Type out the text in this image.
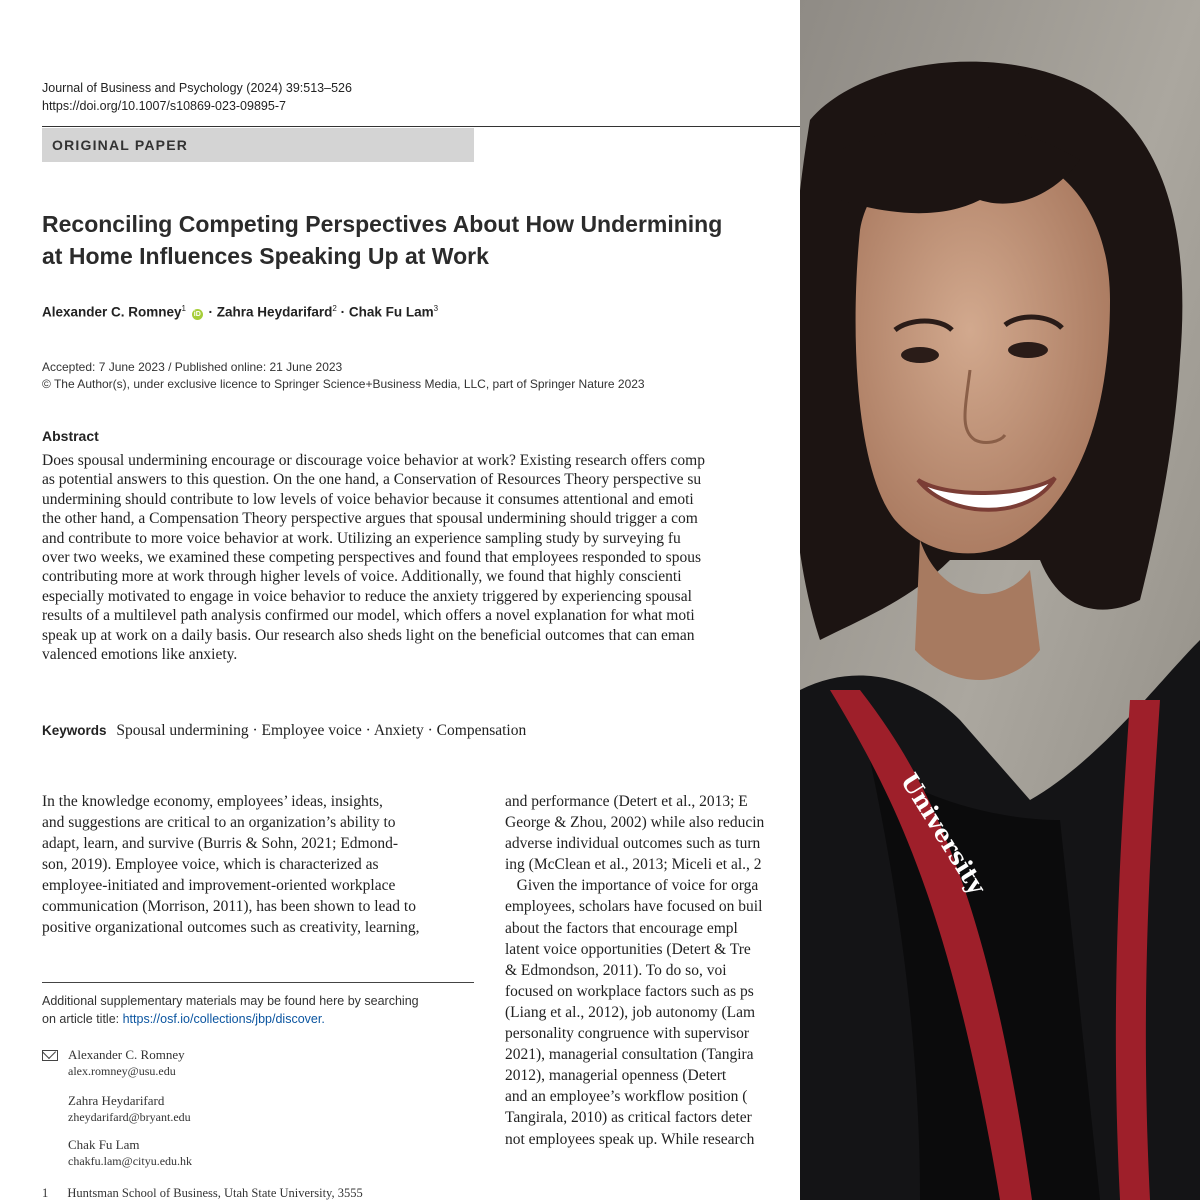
Journal of Business and Psychology (2024) 39:513–526
https://doi.org/10.1007/s10869-023-09895-7
ORIGINAL PAPER
Reconciling Competing Perspectives About How Undermining
at Home Influences Speaking Up at Work
Alexander C. Romney$^1$ iD · Zahra Heydarifard$^2$ · Chak Fu Lam$^3$
Accepted: 7 June 2023 / Published online: 21 June 2023
© The Author(s), under exclusive licence to Springer Science+Business Media, LLC, part of Springer Nature 2023
Abstract
Does spousal undermining encourage or discourage voice behavior at work? Existing research offers comp
as potential answers to this question. On the one hand, a Conservation of Resources Theory perspective su
undermining should contribute to low levels of voice behavior because it consumes attentional and emoti
the other hand, a Compensation Theory perspective argues that spousal undermining should trigger a com
and contribute to more voice behavior at work. Utilizing an experience sampling study by surveying fu
over two weeks, we examined these competing perspectives and found that employees responded to spous
contributing more at work through higher levels of voice. Additionally, we found that highly conscienti
especially motivated to engage in voice behavior to reduce the anxiety triggered by experiencing spousal
results of a multilevel path analysis confirmed our model, which offers a novel explanation for what moti
speak up at work on a daily basis. Our research also sheds light on the beneficial outcomes that can eman
valenced emotions like anxiety.
Keywords Spousal undermining · Employee voice · Anxiety · Compensation
In the knowledge economy, employees’ ideas, insights,
and suggestions are critical to an organization’s ability to
adapt, learn, and survive (Burris & Sohn, 2021; Edmond-
son, 2019). Employee voice, which is characterized as
employee-initiated and improvement-oriented workplace
communication (Morrison, 2011), has been shown to lead to
positive organizational outcomes such as creativity, learning,
and performance (Detert et al., 2013; E
George & Zhou, 2002) while also reducin
adverse individual outcomes such as turn
ing (McClean et al., 2013; Miceli et al., 2
Given the importance of voice for orga
employees, scholars have focused on buil
about the factors that encourage empl
latent voice opportunities (Detert & Tre
& Edmondson, 2011). To do so, voi
focused on workplace factors such as ps
(Liang et al., 2012), job autonomy (Lam
personality congruence with supervisor
2021), managerial consultation (Tangira
2012), managerial openness (Detert
and an employee’s workflow position (
Tangirala, 2010) as critical factors deter
not employees speak up. While research
Additional supplementary materials may be found here by searching
on article title: https://osf.io/collections/jbp/discover.
Alexander C. Romney
alex.romney@usu.edu
Zahra Heydarifard
zheydarifard@bryant.edu
Chak Fu Lam
chakfu.lam@cityu.edu.hk
1 Huntsman School of Business, Utah State University, 3555
University
